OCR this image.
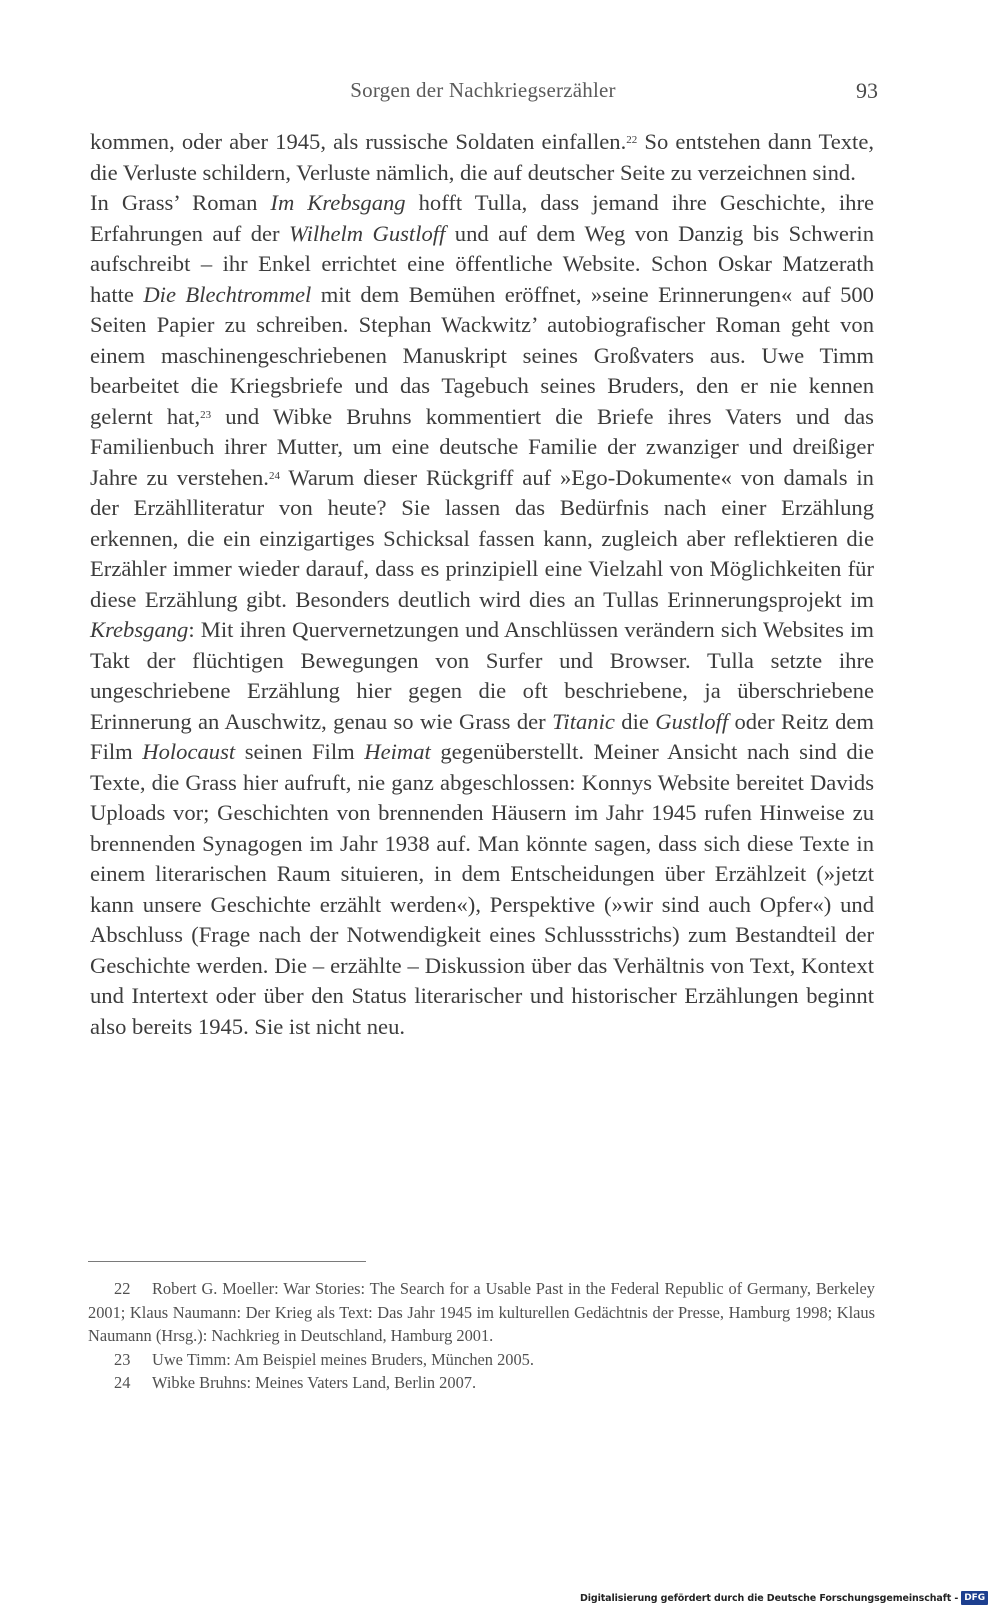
Sorgen der Nachkriegserzähler	93

kommen, oder aber 1945, als russische Soldaten einfallen.$^{22}$ So entstehen dann Texte, die Verluste schildern, Verluste nämlich, die auf deutscher Seite zu verzeichnen sind.

In Grass’ Roman Im Krebsgang hofft Tulla, dass jemand ihre Geschichte, ihre Erfahrungen auf der Wilhelm Gustloff und auf dem Weg von Danzig bis Schwerin aufschreibt – ihr Enkel errichtet eine öffentliche Website. Schon Oskar Matzerath hatte Die Blechtrommel mit dem Bemühen eröffnet, »seine Erinnerungen« auf 500 Seiten Papier zu schreiben. Stephan Wackwitz’ autobiografischer Roman geht von einem maschinengeschriebenen Manuskript seines Großvaters aus. Uwe Timm bearbeitet die Kriegsbriefe und das Tagebuch seines Bruders, den er nie kennen gelernt hat,$^{23}$ und Wibke Bruhns kommentiert die Briefe ihres Vaters und das Familienbuch ihrer Mutter, um eine deutsche Familie der zwanziger und dreißiger Jahre zu verstehen.$^{24}$ Warum dieser Rückgriff auf »Ego-Dokumente« von damals in der Erzählliteratur von heute? Sie lassen das Bedürfnis nach einer Erzählung erkennen, die ein einzigartiges Schicksal fassen kann, zugleich aber reflektieren die Erzähler immer wieder darauf, dass es prinzipiell eine Vielzahl von Möglichkeiten für diese Erzählung gibt. Besonders deutlich wird dies an Tullas Erinnerungsprojekt im Krebsgang: Mit ihren Quervernetzungen und Anschlüssen verändern sich Websites im Takt der flüchtigen Bewegungen von Surfer und Browser. Tulla setzte ihre ungeschriebene Erzählung hier gegen die oft beschriebene, ja überschriebene Erinnerung an Auschwitz, genau so wie Grass der Titanic die Gustloff oder Reitz dem Film Holocaust seinen Film Heimat gegenüberstellt. Meiner Ansicht nach sind die Texte, die Grass hier aufruft, nie ganz abgeschlossen: Konnys Website bereitet Davids Uploads vor; Geschichten von brennenden Häusern im Jahr 1945 rufen Hinweise zu brennenden Synagogen im Jahr 1938 auf. Man könnte sagen, dass sich diese Texte in einem literarischen Raum situieren, in dem Entscheidungen über Erzählzeit (»jetzt kann unsere Geschichte erzählt werden«), Perspektive (»wir sind auch Opfer«) und Abschluss (Frage nach der Notwendigkeit eines Schlussstrichs) zum Bestandteil der Geschichte werden. Die – erzählte – Diskussion über das Verhältnis von Text, Kontext und Intertext oder über den Status literarischer und historischer Erzählungen beginnt also bereits 1945. Sie ist nicht neu.

22 Robert G. Moeller: War Stories: The Search for a Usable Past in the Federal Republic of Germany, Berkeley 2001; Klaus Naumann: Der Krieg als Text: Das Jahr 1945 im kulturellen Gedächtnis der Presse, Hamburg 1998; Klaus Naumann (Hrsg.): Nachkrieg in Deutschland, Hamburg 2001.

23 Uwe Timm: Am Beispiel meines Bruders, München 2005.

24 Wibke Bruhns: Meines Vaters Land, Berlin 2007.

Digitalisierung gefördert durch die Deutsche Forschungsgemeinschaft - DFG
